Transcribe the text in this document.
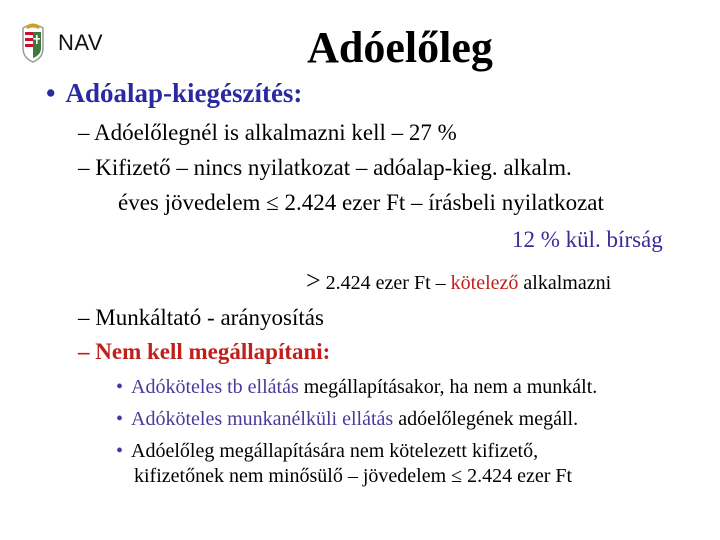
NAV	Adóelőleg
• Adóalap-kiegészítés:
– Adóelőlegnél is alkalmazni kell – 27 %
– Kifizető – nincs nyilatkozat – adóalap-kieg. alkalm.
éves jövedelem ≤ 2.424 ezer Ft – írásbeli nyilatkozat
12 % kül. bírság
> 2.424 ezer Ft – kötelező alkalmazni
– Munkáltató - arányosítás
– Nem kell megállapítani:
• Adóköteles tb ellátás megállapításakor, ha nem a munkált.
• Adóköteles munkanélküli ellátás adóelőlegének megáll.
• Adóelőleg megállapítására nem kötelezett kifizető,
kifizetőnek nem minősülő – jövedelem ≤ 2.424 ezer Ft
